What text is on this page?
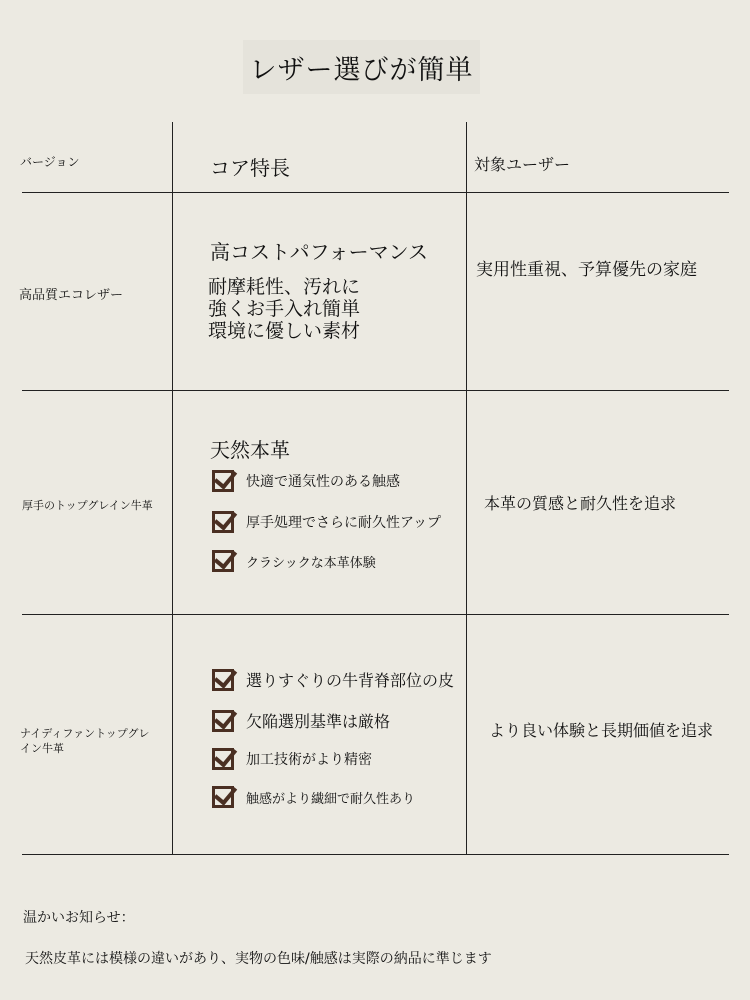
レザー選びが簡単
バージョン	コア特長	対象ユーザー
高品質エコレザー
高コストパフォーマンス
耐摩耗性、汚れに
強くお手入れ簡単
環境に優しい素材
実用性重視、予算優先の家庭
厚手のトップグレイン牛革
天然本革
快適で通気性のある触感
厚手処理でさらに耐久性アップ
クラシックな本革体験
本革の質感と耐久性を追求
ナイディファントップグレ
イン牛革
選りすぐりの牛背脊部位の皮
欠陥選別基準は厳格
加工技術がより精密
触感がより繊細で耐久性あり
より良い体験と長期価値を追求
温かいお知らせ：
天然皮革には模様の違いがあり、実物の色味/触感は実際の納品に準じます
